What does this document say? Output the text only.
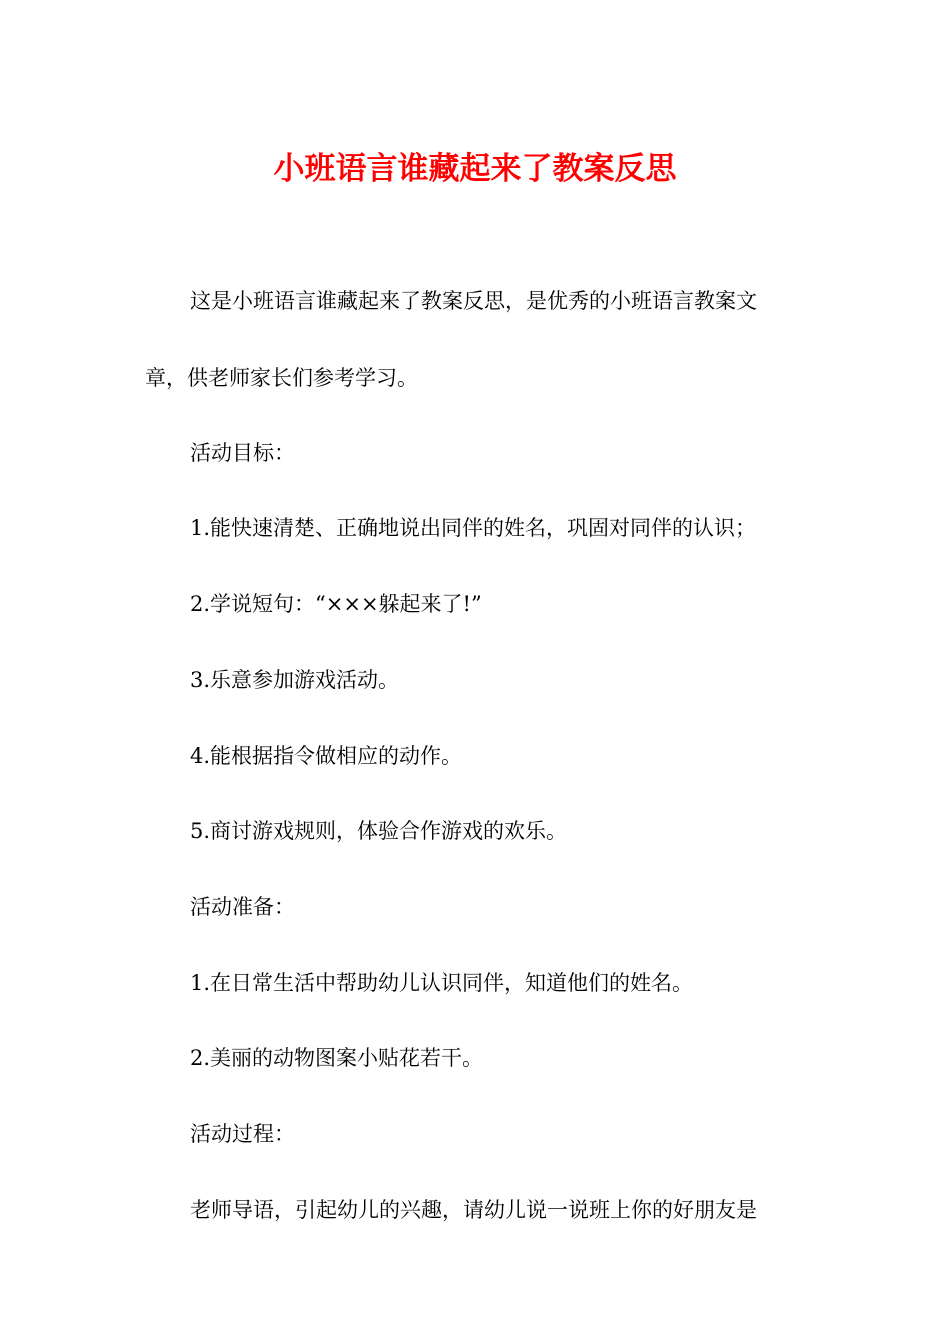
小班语言谁藏起来了教案反思

这是小班语言谁藏起来了教案反思，是优秀的小班语言教案文
章，供老师家长们参考学习。

活动目标：

1.能快速清楚、正确地说出同伴的姓名，巩固对同伴的认识；

2.学说短句：“×××躲起来了!”

3.乐意参加游戏活动。

4.能根据指令做相应的动作。

5.商讨游戏规则，体验合作游戏的欢乐。

活动准备：

1.在日常生活中帮助幼儿认识同伴，知道他们的姓名。

2.美丽的动物图案小贴花若干。

活动过程：

老师导语，引起幼儿的兴趣，请幼儿说一说班上你的好朋友是
